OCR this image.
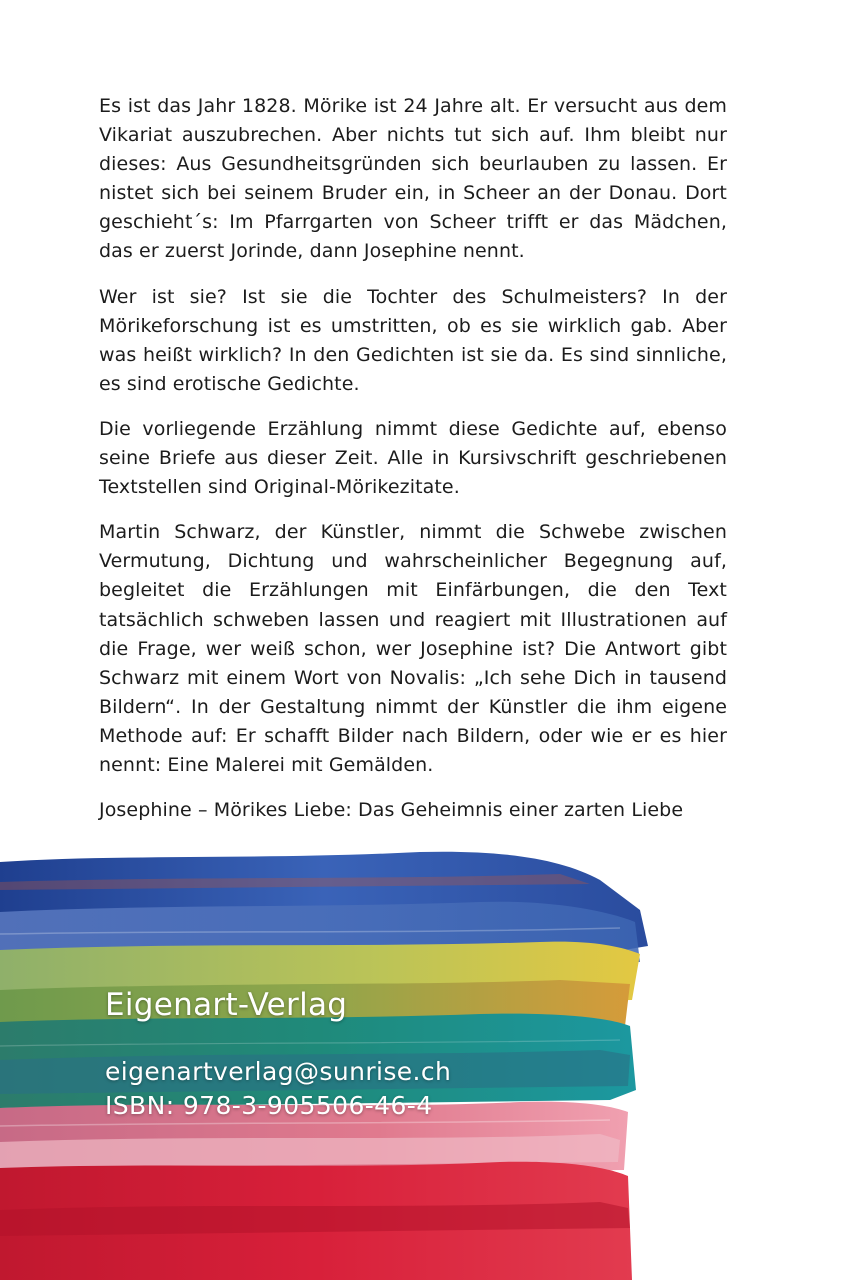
Es ist das Jahr 1828. Mörike ist 24 Jahre alt. Er versucht aus dem Vikariat auszubrechen. Aber nichts tut sich auf. Ihm bleibt nur dieses: Aus Gesundheitsgründen sich beurlauben zu lassen. Er nistet sich bei seinem Bruder ein, in Scheer an der Donau. Dort geschieht´s: Im Pfarrgarten von Scheer trifft er das Mädchen, das er zuerst Jorinde, dann Josephine nennt.

Wer ist sie? Ist sie die Tochter des Schulmeisters? In der Mörikeforschung ist es umstritten, ob es sie wirklich gab. Aber was heißt wirklich? In den Gedichten ist sie da. Es sind sinnliche, es sind erotische Gedichte.

Die vorliegende Erzählung nimmt diese Gedichte auf, ebenso seine Briefe aus dieser Zeit. Alle in Kursivschrift geschriebenen Textstellen sind Original-Mörikezitate.

Martin Schwarz, der Künstler, nimmt die Schwebe zwischen Vermutung, Dichtung und wahrscheinlicher Begegnung auf, begleitet die Erzählungen mit Einfärbungen, die den Text tatsächlich schweben lassen und reagiert mit Illustrationen auf die Frage, wer weiß schon, wer Josephine ist? Die Antwort gibt Schwarz mit einem Wort von Novalis: „Ich sehe Dich in tausend Bildern“. In der Gestaltung nimmt der Künstler die ihm eigene Methode auf: Er schafft Bilder nach Bildern, oder wie er es hier nennt: Eine Malerei mit Gemälden.

Josephine – Mörikes Liebe: Das Geheimnis einer zarten Liebe

Eigenart-Verlag

eigenartverlag@sunrise.ch

ISBN: 978-3-905506-46-4
